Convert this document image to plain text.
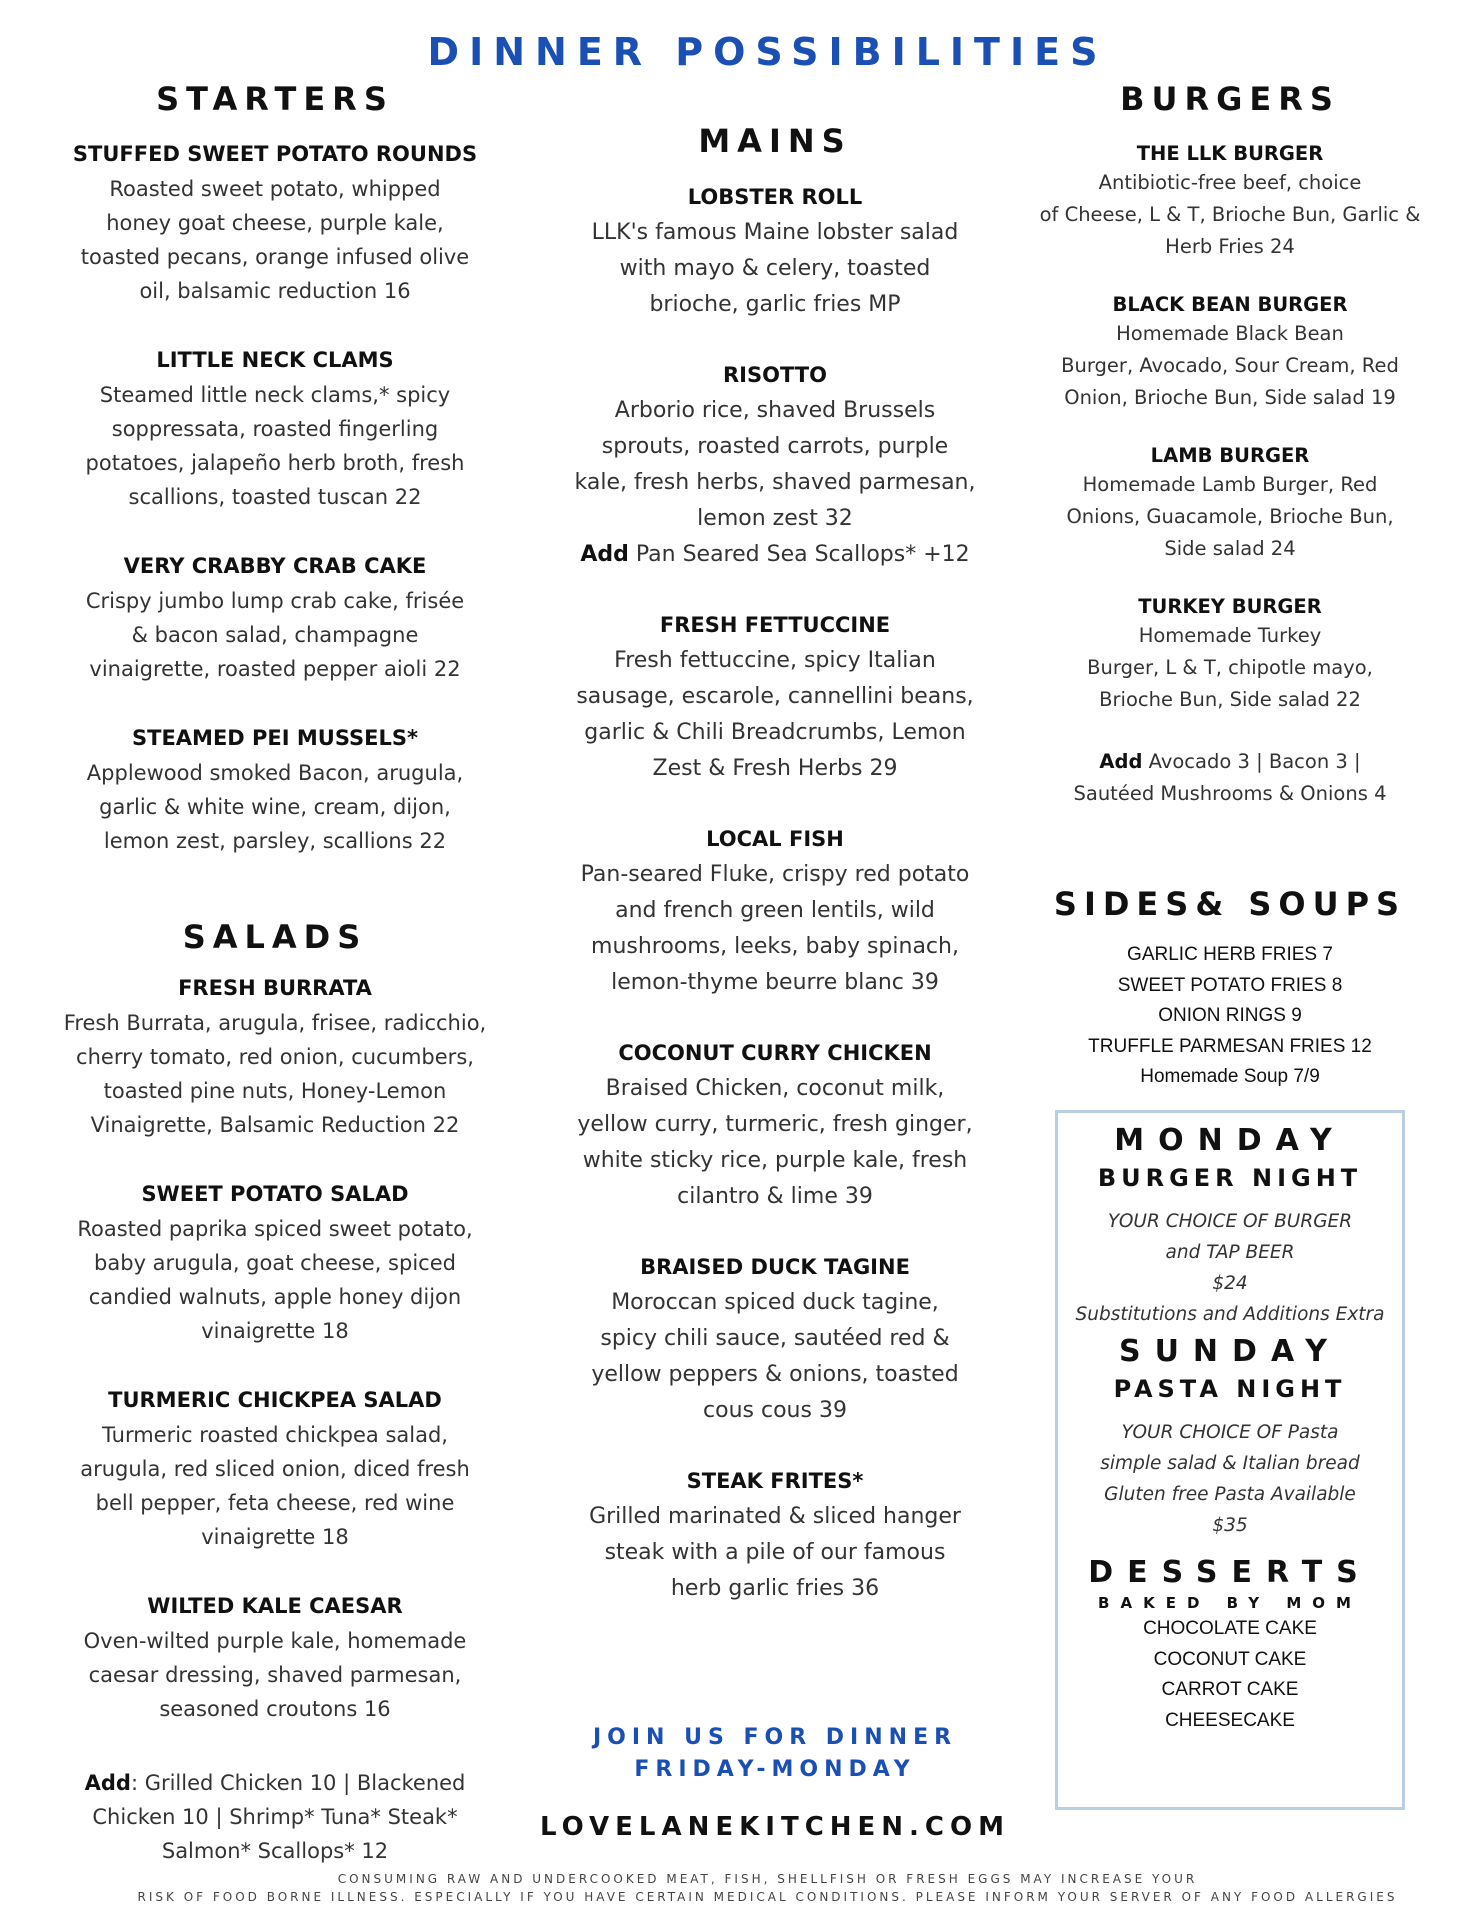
DINNER POSSIBILITIES
STARTERS
STUFFED SWEET POTATO ROUNDS
Roasted sweet potato, whipped
honey goat cheese, purple kale,
toasted pecans, orange infused olive
oil, balsamic reduction 16
LITTLE NECK CLAMS
Steamed little neck clams,* spicy
soppressata, roasted fingerling
potatoes, jalapeño herb broth, fresh
scallions, toasted tuscan 22
VERY CRABBY CRAB CAKE
Crispy jumbo lump crab cake, frisée
& bacon salad, champagne
vinaigrette, roasted pepper aioli 22
STEAMED PEI MUSSELS*
Applewood smoked Bacon, arugula,
garlic & white wine, cream, dijon,
lemon zest, parsley, scallions 22
SALADS
FRESH BURRATA
Fresh Burrata, arugula, frisee, radicchio,
cherry tomato, red onion, cucumbers,
toasted pine nuts, Honey-Lemon
Vinaigrette, Balsamic Reduction 22
SWEET POTATO SALAD
Roasted paprika spiced sweet potato,
baby arugula, goat cheese, spiced
candied walnuts, apple honey dijon
vinaigrette 18
TURMERIC CHICKPEA SALAD
Turmeric roasted chickpea salad,
arugula, red sliced onion, diced fresh
bell pepper, feta cheese, red wine
vinaigrette 18
WILTED KALE CAESAR
Oven-wilted purple kale, homemade
caesar dressing, shaved parmesan,
seasoned croutons 16
Add: Grilled Chicken 10 | Blackened
Chicken 10 | Shrimp* Tuna* Steak*
Salmon* Scallops* 12
MAINS
LOBSTER ROLL
LLK's famous Maine lobster salad
with mayo & celery, toasted
brioche, garlic fries MP
RISOTTO
Arborio rice, shaved Brussels
sprouts, roasted carrots, purple
kale, fresh herbs, shaved parmesan,
lemon zest 32
Add Pan Seared Sea Scallops* +12
FRESH FETTUCCINE
Fresh fettuccine, spicy Italian
sausage, escarole, cannellini beans,
garlic & Chili Breadcrumbs, Lemon
Zest & Fresh Herbs 29
LOCAL FISH
Pan-seared Fluke, crispy red potato
and french green lentils, wild
mushrooms, leeks, baby spinach,
lemon-thyme beurre blanc 39
COCONUT CURRY CHICKEN
Braised Chicken, coconut milk,
yellow curry, turmeric, fresh ginger,
white sticky rice, purple kale, fresh
cilantro & lime 39
BRAISED DUCK TAGINE
Moroccan spiced duck tagine,
spicy chili sauce, sautéed red &
yellow peppers & onions, toasted
cous cous 39
STEAK FRITES*
Grilled marinated & sliced hanger
steak with a pile of our famous
herb garlic fries 36
JOIN US FOR DINNER
FRIDAY-MONDAY
LOVELANEKITCHEN.COM
BURGERS
THE LLK BURGER
Antibiotic-free beef, choice
of Cheese, L & T, Brioche Bun, Garlic &
Herb Fries 24
BLACK BEAN BURGER
Homemade Black Bean
Burger, Avocado, Sour Cream, Red
Onion, Brioche Bun, Side salad 19
LAMB BURGER
Homemade Lamb Burger, Red
Onions, Guacamole, Brioche Bun,
Side salad 24
TURKEY BURGER
Homemade Turkey
Burger, L & T, chipotle mayo,
Brioche Bun, Side salad 22
Add Avocado 3 | Bacon 3 |
Sautéed Mushrooms & Onions 4
SIDES& SOUPS
GARLIC HERB FRIES 7
SWEET POTATO FRIES 8
ONION RINGS 9
TRUFFLE PARMESAN FRIES 12
Homemade Soup 7/9
MONDAY
BURGER NIGHT
YOUR CHOICE OF BURGER
and TAP BEER
$24
Substitutions and Additions Extra
SUNDAY
PASTA NIGHT
YOUR CHOICE OF Pasta
simple salad & Italian bread
Gluten free Pasta Available
$35
DESSERTS
BAKED BY MOM
CHOCOLATE CAKE
COCONUT CAKE
CARROT CAKE
CHEESECAKE
CONSUMING RAW AND UNDERCOOKED MEAT, FISH, SHELLFISH OR FRESH EGGS MAY INCREASE YOUR
RISK OF FOOD BORNE ILLNESS. ESPECIALLY IF YOU HAVE CERTAIN MEDICAL CONDITIONS. PLEASE INFORM YOUR SERVER OF ANY FOOD ALLERGIES
